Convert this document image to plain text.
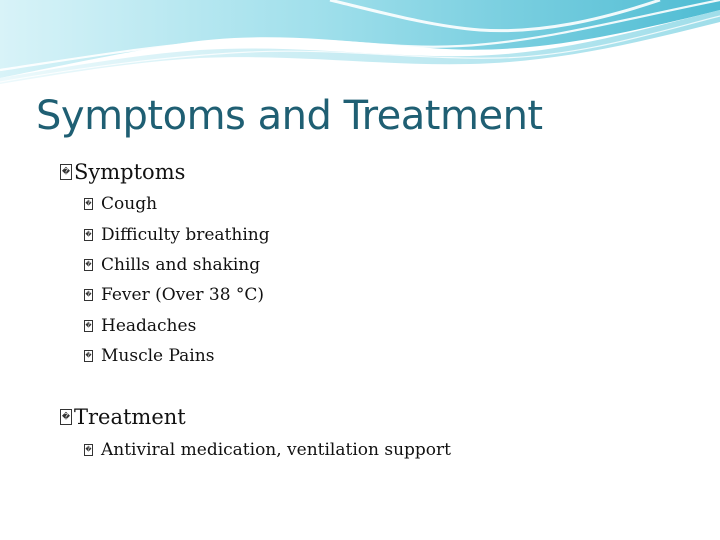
Symptoms and Treatment
� Symptoms
� Cough
� Difficulty breathing
� Chills and shaking
� Fever (Over 38 °C)
� Headaches
� Muscle Pains
� Treatment
� Antiviral medication, ventilation support
